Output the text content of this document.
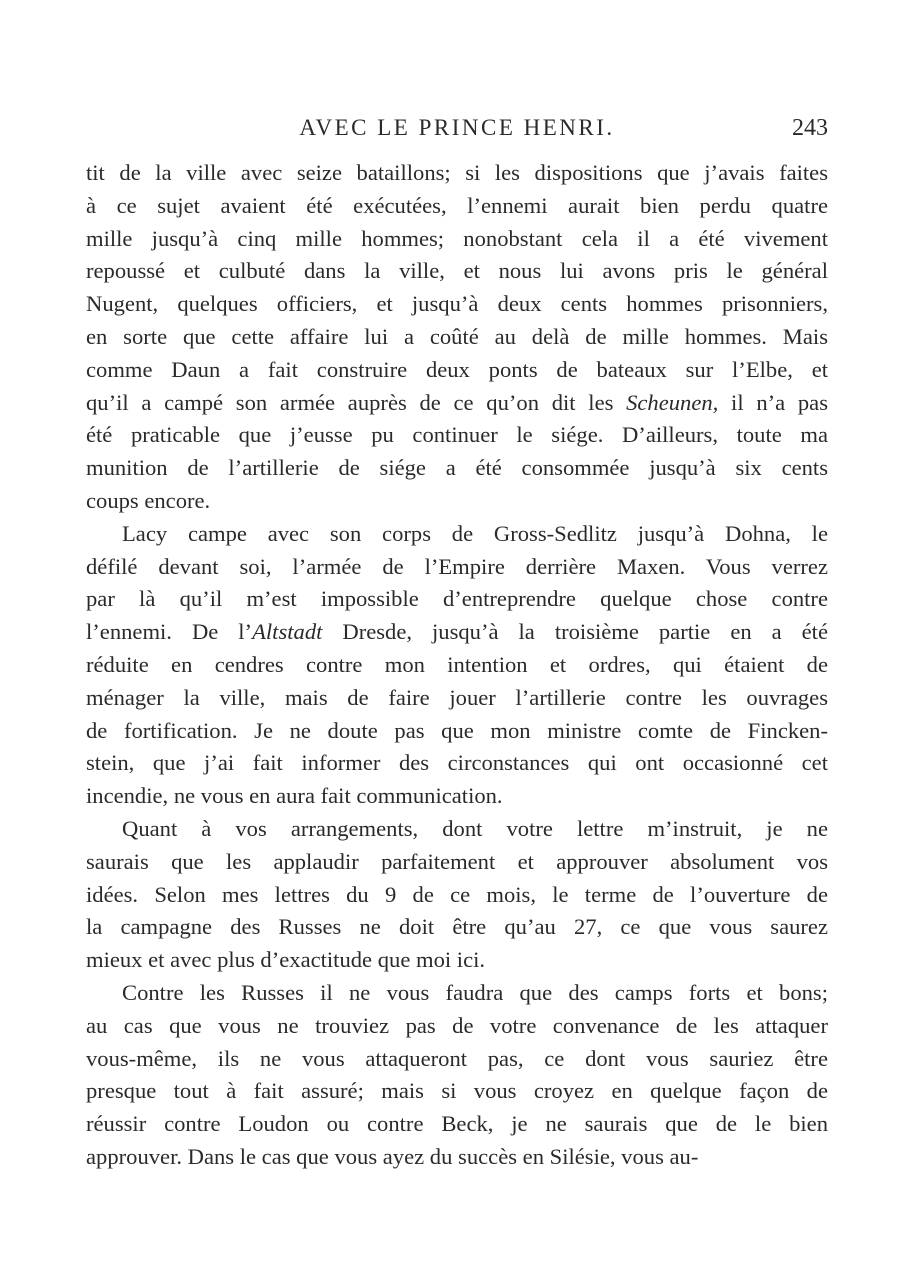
AVEC LE PRINCE HENRI.	243
tit de la ville avec seize bataillons; si les dispositions que j’avais faites
à ce sujet avaient été exécutées, l’ennemi aurait bien perdu quatre
mille jusqu’à cinq mille hommes; nonobstant cela il a été vivement
repoussé et culbuté dans la ville, et nous lui avons pris le général
Nugent, quelques officiers, et jusqu’à deux cents hommes prisonniers,
en sorte que cette affaire lui a coûté au delà de mille hommes. Mais
comme Daun a fait construire deux ponts de bateaux sur l’Elbe, et
qu’il a campé son armée auprès de ce qu’on dit les Scheunen, il n’a pas
été praticable que j’eusse pu continuer le siége. D’ailleurs, toute ma
munition de l’artillerie de siége a été consommée jusqu’à six cents
coups encore.
Lacy campe avec son corps de Gross-Sedlitz jusqu’à Dohna, le
défilé devant soi, l’armée de l’Empire derrière Maxen. Vous verrez
par là qu’il m’est impossible d’entreprendre quelque chose contre
l’ennemi. De l’Altstadt Dresde, jusqu’à la troisième partie en a été
réduite en cendres contre mon intention et ordres, qui étaient de
ménager la ville, mais de faire jouer l’artillerie contre les ouvrages
de fortification. Je ne doute pas que mon ministre comte de Fincken-
stein, que j’ai fait informer des circonstances qui ont occasionné cet
incendie, ne vous en aura fait communication.
Quant à vos arrangements, dont votre lettre m’instruit, je ne
saurais que les applaudir parfaitement et approuver absolument vos
idées. Selon mes lettres du 9 de ce mois, le terme de l’ouverture de
la campagne des Russes ne doit être qu’au 27, ce que vous saurez
mieux et avec plus d’exactitude que moi ici.
Contre les Russes il ne vous faudra que des camps forts et bons;
au cas que vous ne trouviez pas de votre convenance de les attaquer
vous-même, ils ne vous attaqueront pas, ce dont vous sauriez être
presque tout à fait assuré; mais si vous croyez en quelque façon de
réussir contre Loudon ou contre Beck, je ne saurais que de le bien
approuver. Dans le cas que vous ayez du succès en Silésie, vous au-
